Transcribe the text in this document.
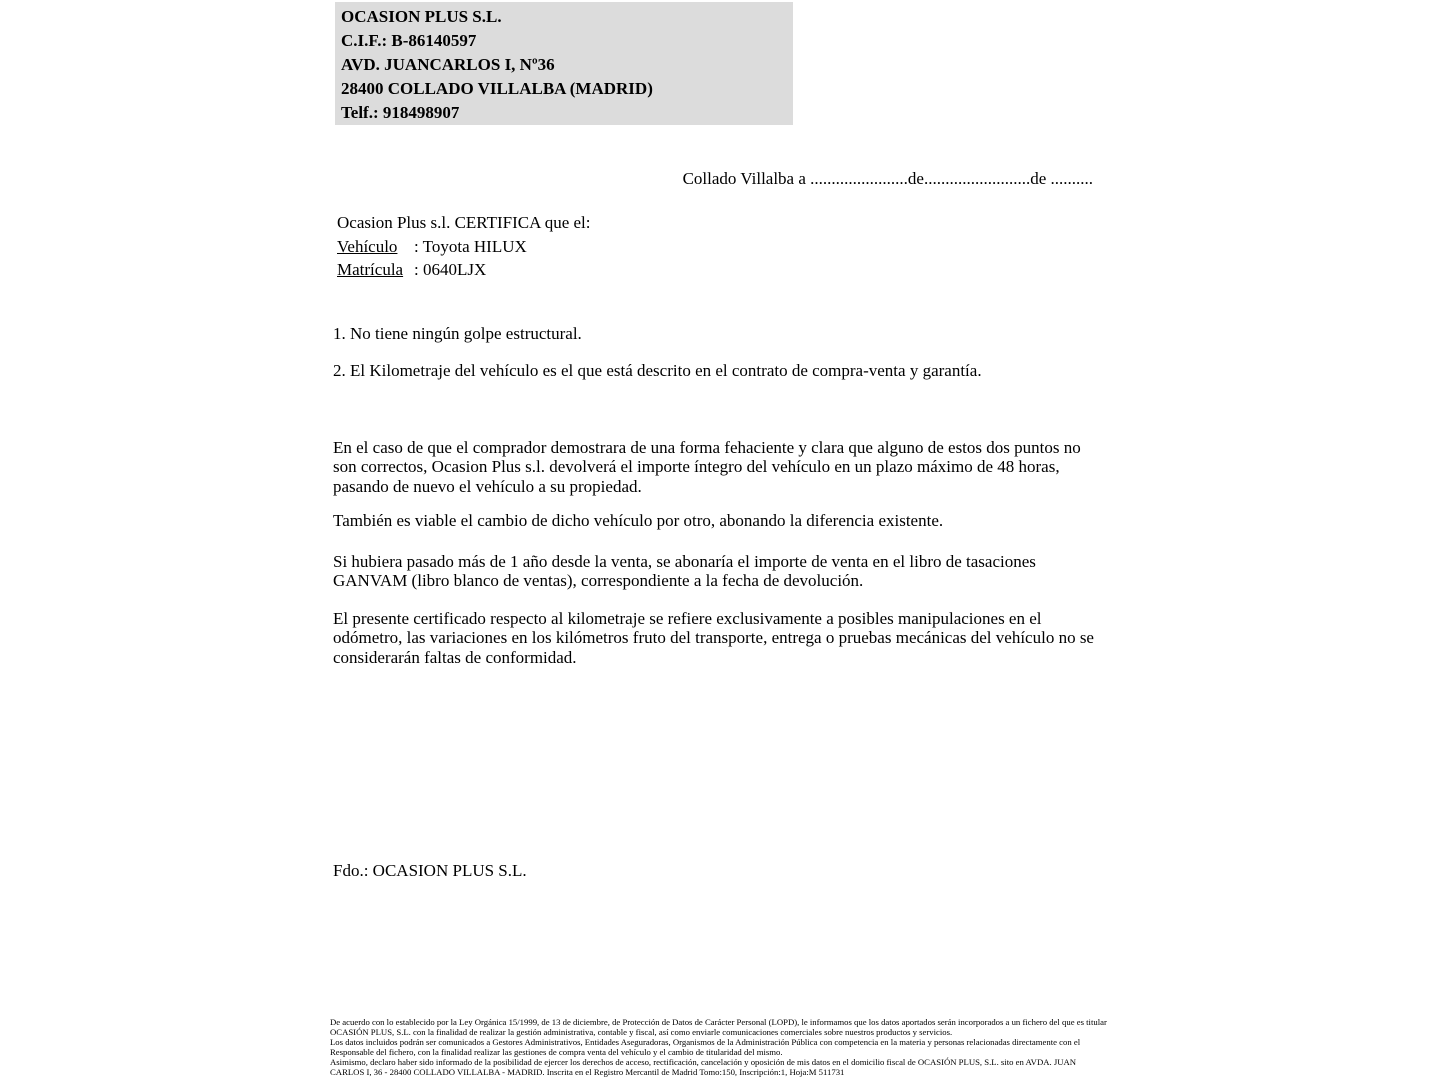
OCASION PLUS S.L.
C.I.F.: B-86140597
AVD. JUANCARLOS I, Nº36
28400 COLLADO VILLALBA (MADRID)
Telf.: 918498907
Collado Villalba a .......................de.........................de ..........
Ocasion Plus s.l. CERTIFICA que el:
Vehículo : Toyota HILUX
Matrícula : 0640LJX
1. No tiene ningún golpe estructural.
2. El Kilometraje del vehículo es el que está descrito en el contrato de compra-venta y garantía.
En el caso de que el comprador demostrara de una forma fehaciente y clara que alguno de estos dos puntos no son correctos, Ocasion Plus s.l. devolverá el importe íntegro del vehículo en un plazo máximo de 48 horas, pasando de nuevo el vehículo a su propiedad.
También es viable el cambio de dicho vehículo por otro, abonando la diferencia existente.
Si hubiera pasado más de 1 año desde la venta, se abonaría el importe de venta en el libro de tasaciones GANVAM (libro blanco de ventas), correspondiente a la fecha de devolución.
El presente certificado respecto al kilometraje se refiere exclusivamente a posibles manipulaciones en el odómetro, las variaciones en los kilómetros fruto del transporte, entrega o pruebas mecánicas del vehículo no se considerarán faltas de conformidad.
Fdo.: OCASION PLUS S.L.
De acuerdo con lo establecido por la Ley Orgánica 15/1999, de 13 de diciembre, de Protección de Datos de Carácter Personal (LOPD), le informamos que los datos aportados serán incorporados a un fichero del que es titular
OCASIÓN PLUS, S.L. con la finalidad de realizar la gestión administrativa, contable y fiscal, así como enviarle comunicaciones comerciales sobre nuestros productos y servicios.
Los datos incluidos podrán ser comunicados a Gestores Administrativos, Entidades Aseguradoras, Organismos de la Administración Pública con competencia en la materia y personas relacionadas directamente con el
Responsable del fichero, con la finalidad realizar las gestiones de compra venta del vehículo y el cambio de titularidad del mismo.
Asimismo, declaro haber sido informado de la posibilidad de ejercer los derechos de acceso, rectificación, cancelación y oposición de mis datos en el domicilio fiscal de OCASIÓN PLUS, S.L. sito en AVDA. JUAN
CARLOS I, 36 - 28400 COLLADO VILLALBA - MADRID. Inscrita en el Registro Mercantil de Madrid Tomo:150, Inscripción:1, Hoja:M 511731
